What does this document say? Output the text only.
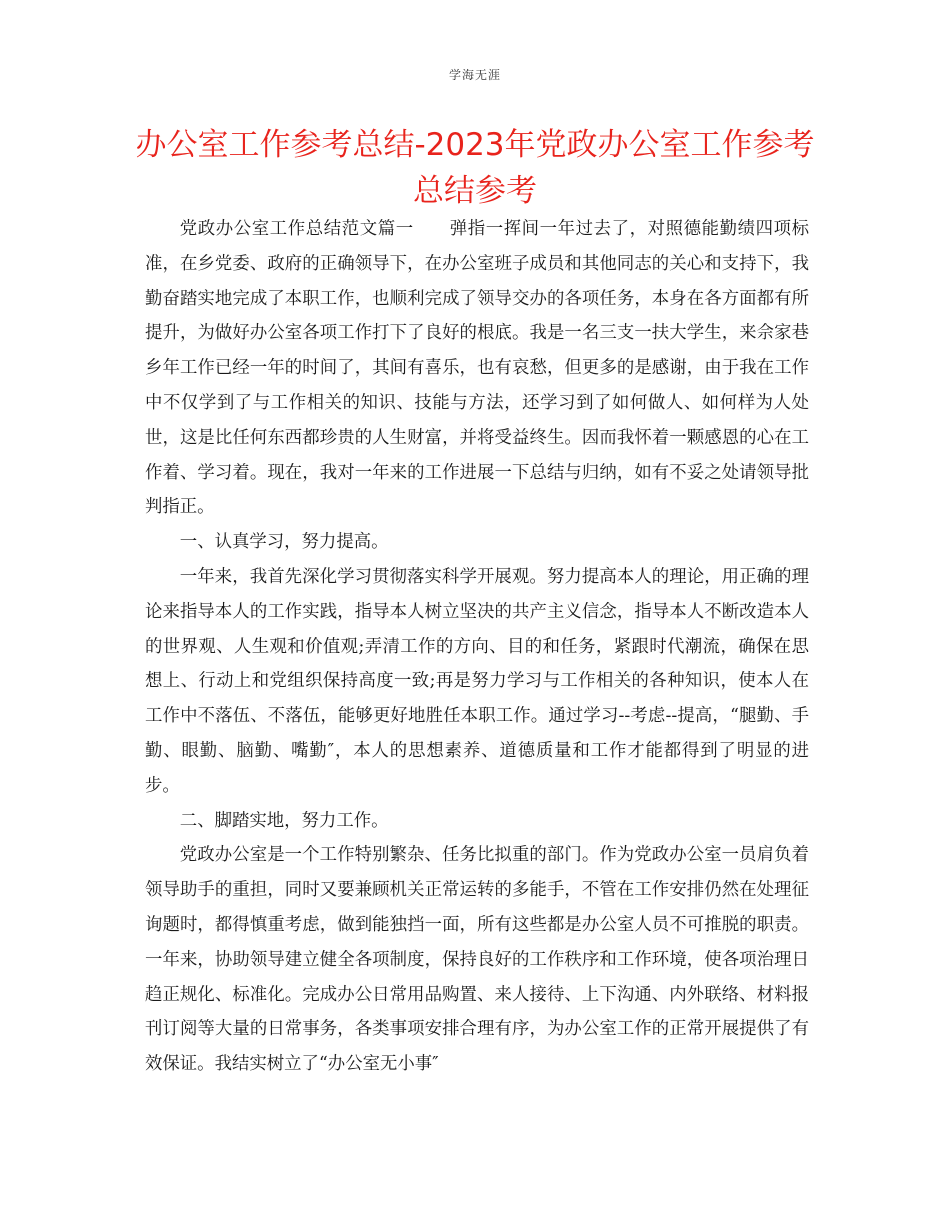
学海无涯
办公室工作参考总结-2023年党政办公室工作参考总结参考

党政办公室工作总结范文篇一　　弹指一挥间一年过去了，对照德能勤绩四项标准，在乡党委、政府的正确领导下，在办公室班子成员和其他同志的关心和支持下，我勤奋踏实地完成了本职工作，也顺利完成了领导交办的各项任务，本身在各方面都有所提升，为做好办公室各项工作打下了良好的根底。我是一名三支一扶大学生，来佘家巷乡年工作已经一年的时间了，其间有喜乐，也有哀愁，但更多的是感谢，由于我在工作中不仅学到了与工作相关的知识、技能与方法，还学习到了如何做人、如何样为人处世，这是比任何东西都珍贵的人生财富，并将受益终生。因而我怀着一颗感恩的心在工作着、学习着。现在，我对一年来的工作进展一下总结与归纳，如有不妥之处请领导批判指正。

一、认真学习，努力提高。

一年来，我首先深化学习贯彻落实科学开展观。努力提高本人的理论，用正确的理论来指导本人的工作实践，指导本人树立坚决的共产主义信念，指导本人不断改造本人的世界观、人生观和价值观;弄清工作的方向、目的和任务，紧跟时代潮流，确保在思想上、行动上和党组织保持高度一致;再是努力学习与工作相关的各种知识，使本人在工作中不落伍、不落伍，能够更好地胜任本职工作。通过学习--考虑--提高，“腿勤、手勤、眼勤、脑勤、嘴勤″，本人的思想素养、道德质量和工作才能都得到了明显的进步。

二、脚踏实地，努力工作。

党政办公室是一个工作特别繁杂、任务比拟重的部门。作为党政办公室一员肩负着领导助手的重担，同时又要兼顾机关正常运转的多能手，不管在工作安排仍然在处理征询题时，都得慎重考虑，做到能独挡一面，所有这些都是办公室人员不可推脱的职责。一年来，协助领导建立健全各项制度，保持良好的工作秩序和工作环境，使各项治理日趋正规化、标准化。完成办公日常用品购置、来人接待、上下沟通、内外联络、材料报刊订阅等大量的日常事务，各类事项安排合理有序，为办公室工作的正常开展提供了有效保证。我结实树立了“办公室无小事″
